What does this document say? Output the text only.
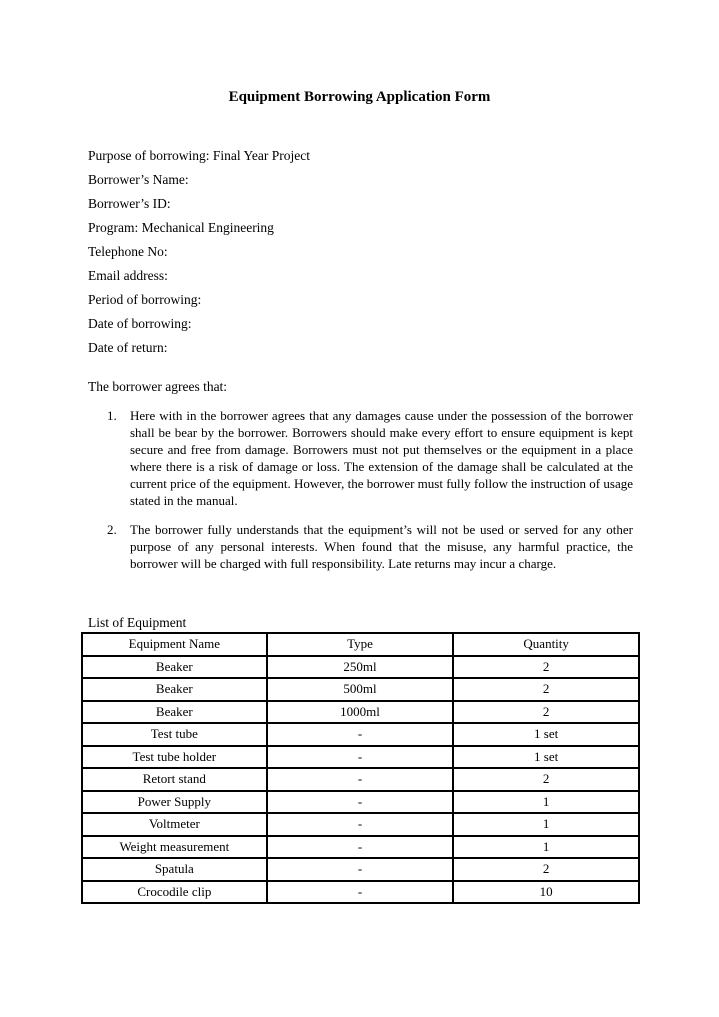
Equipment Borrowing Application Form
Purpose of borrowing: Final Year Project
Borrower’s Name:
Borrower’s ID:
Program: Mechanical Engineering
Telephone No:
Email address:
Period of borrowing:
Date of borrowing:
Date of return:
The borrower agrees that:
1. Here with in the borrower agrees that any damages cause under the possession of the borrower shall be bear by the borrower. Borrowers should make every effort to ensure equipment is kept secure and free from damage. Borrowers must not put themselves or the equipment in a place where there is a risk of damage or loss. The extension of the damage shall be calculated at the current price of the equipment. However, the borrower must fully follow the instruction of usage stated in the manual.
2. The borrower fully understands that the equipment’s will not be used or served for any other purpose of any personal interests. When found that the misuse, any harmful practice, the borrower will be charged with full responsibility. Late returns may incur a charge.
List of Equipment
Equipment Name	Type	Quantity
Beaker	250ml	2
Beaker	500ml	2
Beaker	1000ml	2
Test tube	-	1 set
Test tube holder	-	1 set
Retort stand	-	2
Power Supply	-	1
Voltmeter	-	1
Weight measurement	-	1
Spatula	-	2
Crocodile clip	-	10
